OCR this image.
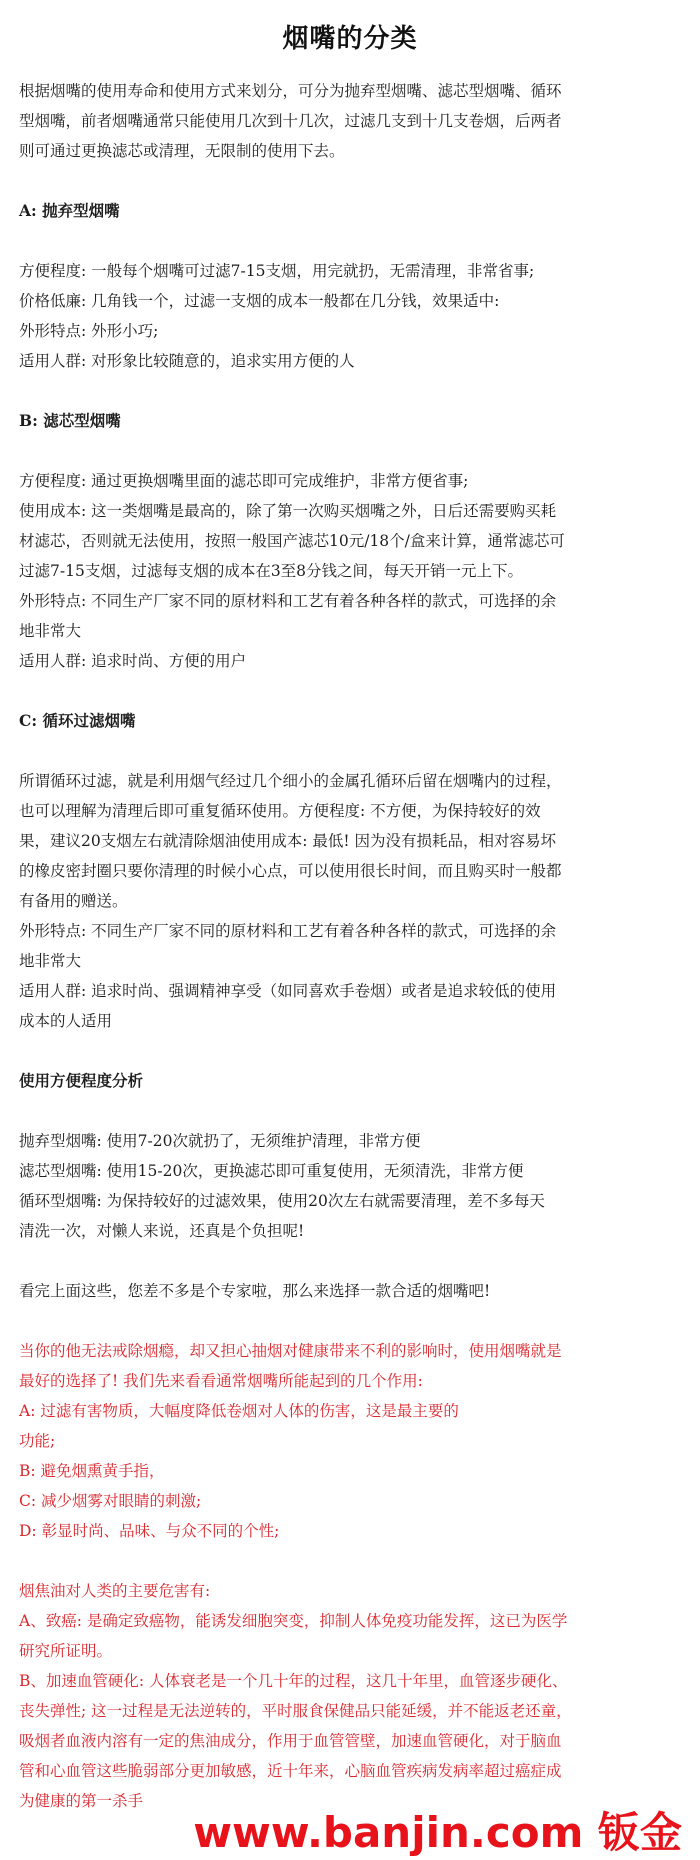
烟嘴的分类
根据烟嘴的使用寿命和使用方式来划分，可分为抛弃型烟嘴、滤芯型烟嘴、循环
型烟嘴，前者烟嘴通常只能使用几次到十几次，过滤几支到十几支卷烟，后两者
则可通过更换滤芯或清理，无限制的使用下去。
A: 抛弃型烟嘴
方便程度: 一般每个烟嘴可过滤7-15支烟，用完就扔，无需清理，非常省事;
价格低廉: 几角钱一个，过滤一支烟的成本一般都在几分钱，效果适中:
外形特点: 外形小巧;
适用人群: 对形象比较随意的，追求实用方便的人
B: 滤芯型烟嘴
方便程度: 通过更换烟嘴里面的滤芯即可完成维护，非常方便省事;
使用成本: 这一类烟嘴是最高的，除了第一次购买烟嘴之外，日后还需要购买耗
材滤芯，否则就无法使用，按照一般国产滤芯10元/18个/盒来计算，通常滤芯可
过滤7-15支烟，过滤每支烟的成本在3至8分钱之间，每天开销一元上下。
外形特点: 不同生产厂家不同的原材料和工艺有着各种各样的款式，可选择的余
地非常大
适用人群: 追求时尚、方便的用户
C: 循环过滤烟嘴
所谓循环过滤，就是利用烟气经过几个细小的金属孔循环后留在烟嘴内的过程，
也可以理解为清理后即可重复循环使用。方便程度: 不方便，为保持较好的效
果，建议20支烟左右就清除烟油使用成本: 最低! 因为没有损耗品，相对容易坏
的橡皮密封圈只要你清理的时候小心点，可以使用很长时间，而且购买时一般都
有备用的赠送。
外形特点: 不同生产厂家不同的原材料和工艺有着各种各样的款式，可选择的余
地非常大
适用人群: 追求时尚、强调精神享受（如同喜欢手卷烟）或者是追求较低的使用
成本的人适用
使用方便程度分析
抛弃型烟嘴: 使用7-20次就扔了，无须维护清理，非常方便
滤芯型烟嘴: 使用15-20次，更换滤芯即可重复使用，无须清洗，非常方便
循环型烟嘴: 为保持较好的过滤效果，使用20次左右就需要清理，差不多每天
清洗一次，对懒人来说，还真是个负担呢!
看完上面这些，您差不多是个专家啦，那么来选择一款合适的烟嘴吧!
当你的他无法戒除烟瘾，却又担心抽烟对健康带来不利的影响时，使用烟嘴就是
最好的选择了! 我们先来看看通常烟嘴所能起到的几个作用:
A: 过滤有害物质，大幅度降低卷烟对人体的伤害，这是最主要的
功能;
B: 避免烟熏黄手指，
C: 减少烟雾对眼睛的刺激;
D: 彰显时尚、品味、与众不同的个性;
烟焦油对人类的主要危害有:
A、致癌: 是确定致癌物，能诱发细胞突变，抑制人体免疫功能发挥，这已为医学
研究所证明。
B、加速血管硬化: 人体衰老是一个几十年的过程，这几十年里，血管逐步硬化、
丧失弹性; 这一过程是无法逆转的，平时服食保健品只能延缓，并不能返老还童，
吸烟者血液内溶有一定的焦油成分，作用于血管管壁，加速血管硬化，对于脑血
管和心血管这些脆弱部分更加敏感，近十年来，心脑血管疾病发病率超过癌症成
为健康的第一杀手
www.banjin.com 钣金
